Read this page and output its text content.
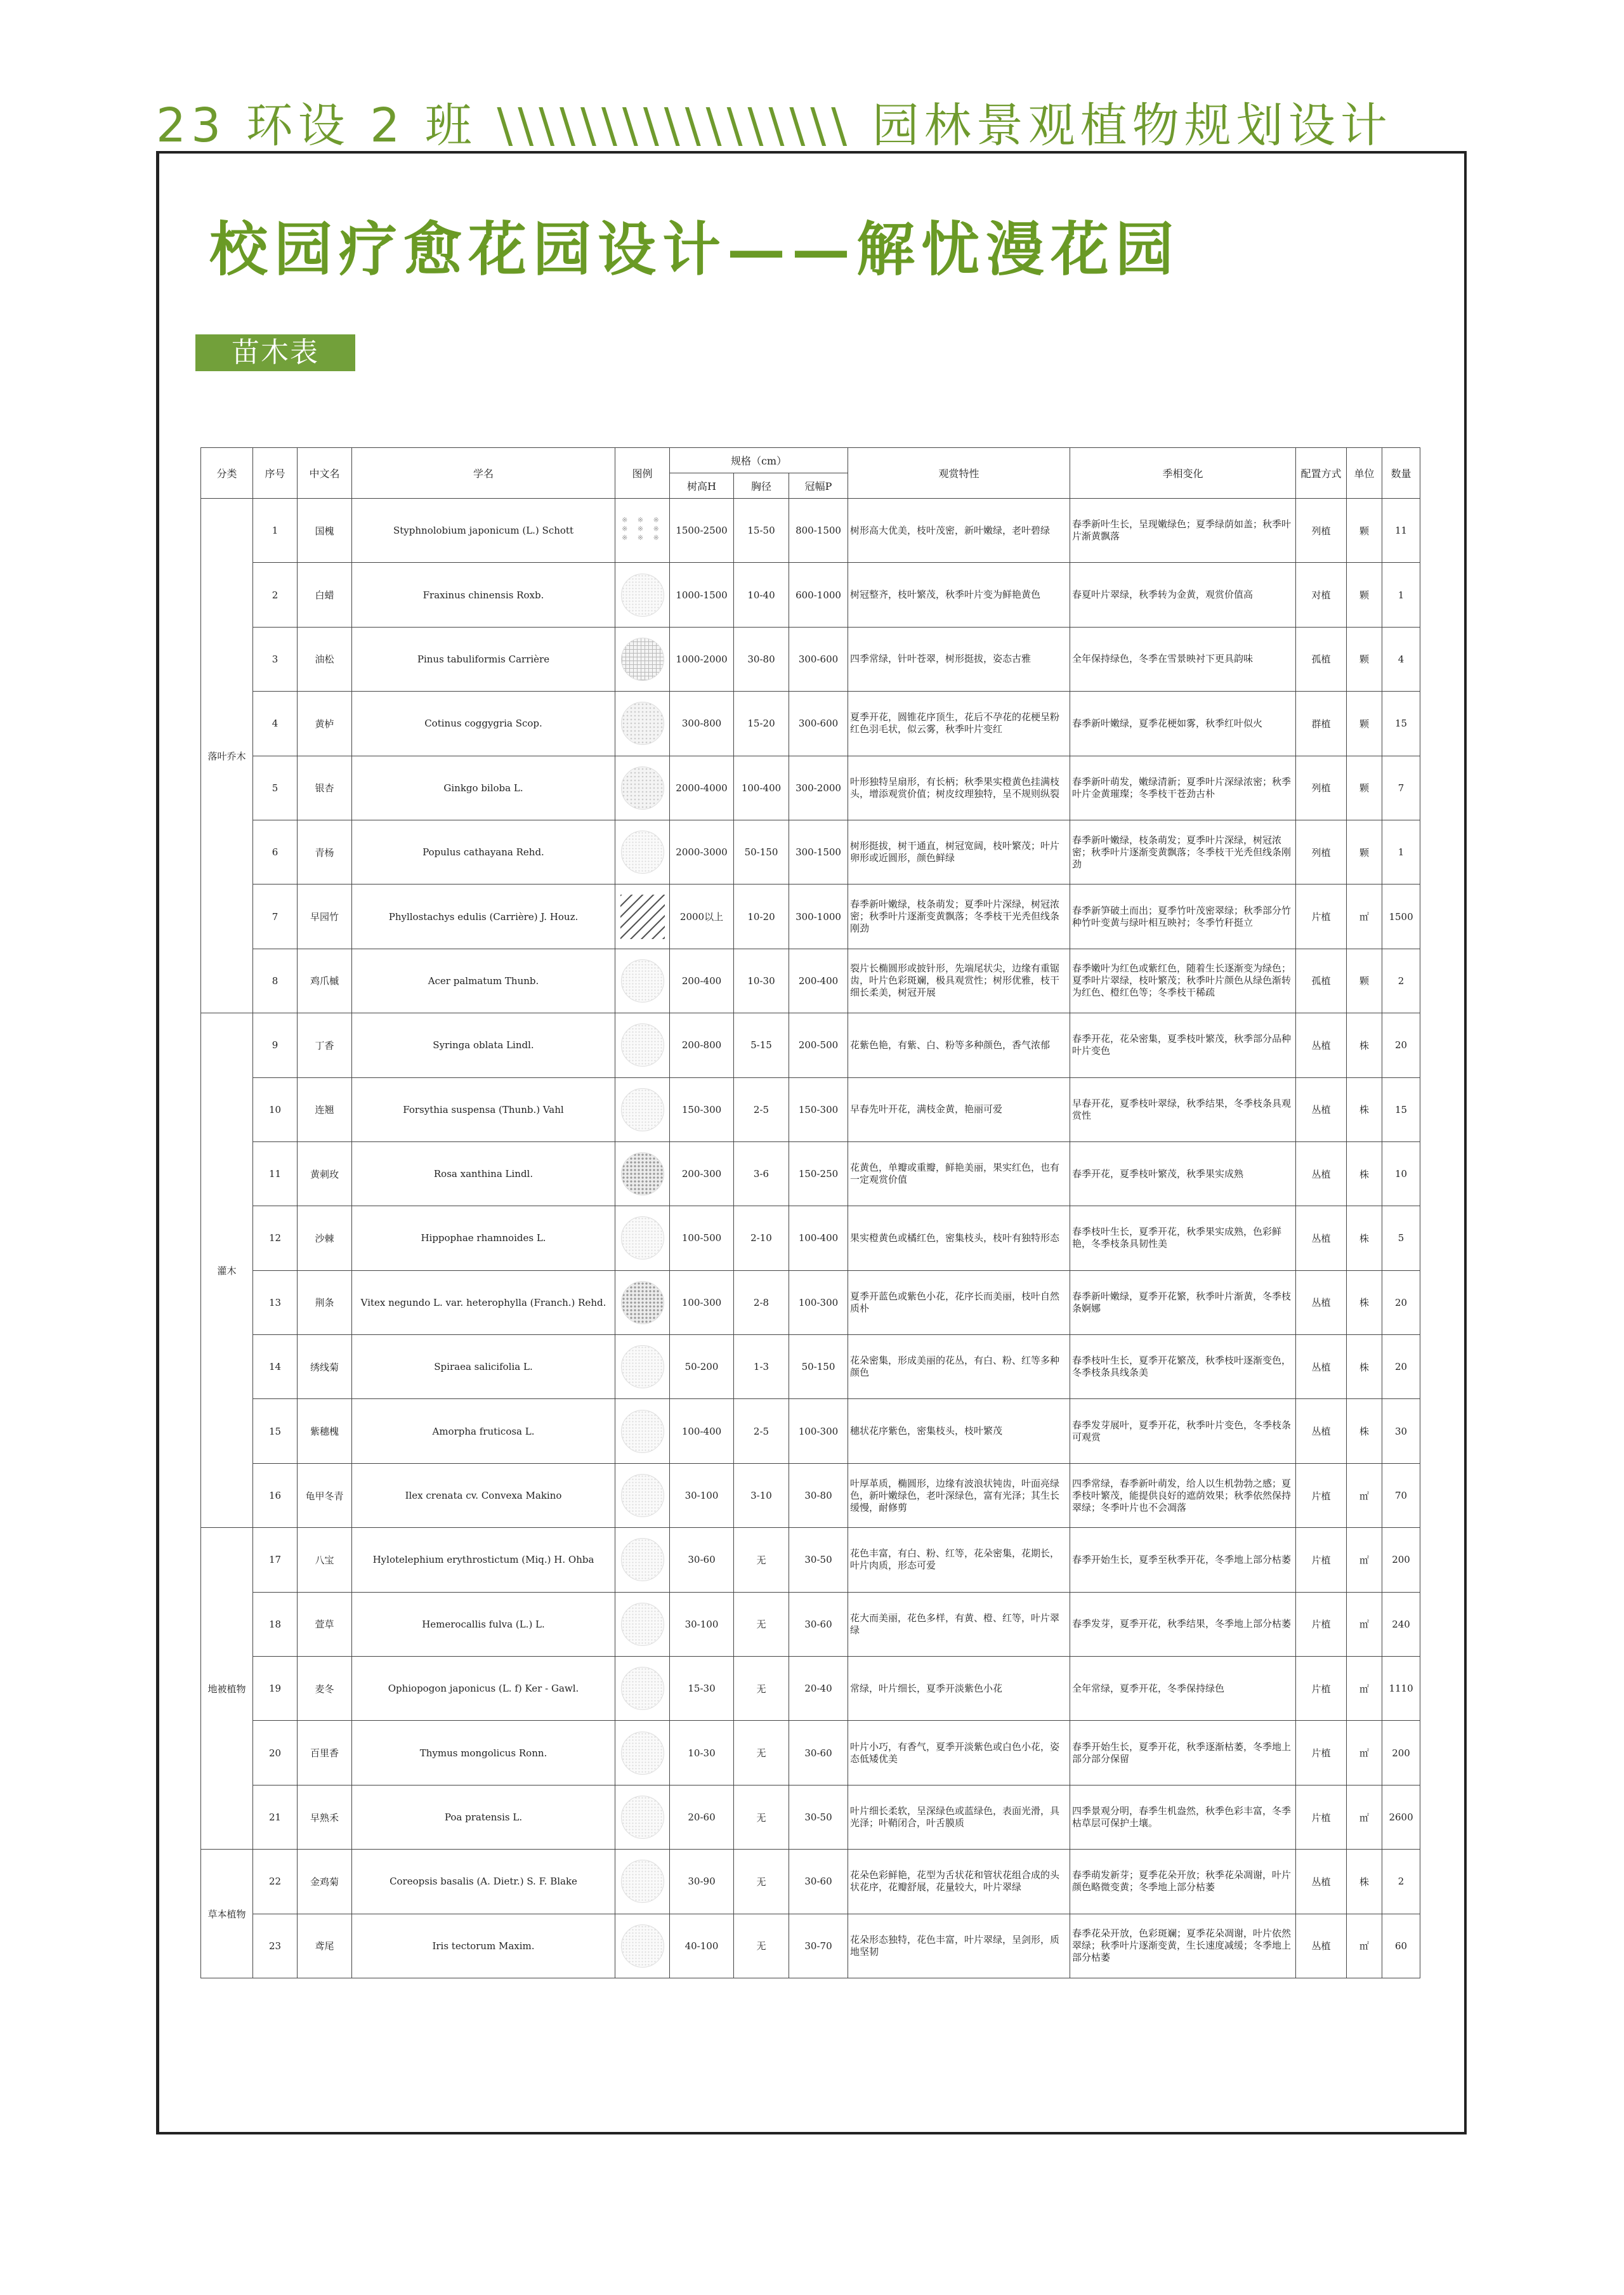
23 环设 2 班 \\\\\\\\\\\\\\\\\ 园林景观植物规划设计
校园疗愈花园设计——解忧漫花园
苗木表
分类	序号	中文名	学名	图例	规格（cm）			观赏特性	季相变化	配置方式	单位	数量
					树高H	胸径	冠幅P					
落叶乔木	1	国槐	Styphnolobium japonicum (L.) Schott	※ ※ ※ ※ ※ ※ ※ ※ ※	1500-2500	15-50	800-1500	树形高大优美，枝叶茂密，新叶嫩绿，老叶碧绿	春季新叶生长，呈现嫩绿色；夏季绿荫如盖；秋季叶片渐黄飘落	列植	颗	11
	2	白蜡	Fraxinus chinensis Roxb.		1000-1500	10-40	600-1000	树冠整齐，枝叶繁茂，秋季叶片变为鲜艳黄色	春夏叶片翠绿，秋季转为金黄，观赏价值高	对植	颗	1
	3	油松	Pinus tabuliformis Carrière		1000-2000	30-80	300-600	四季常绿，针叶苍翠，树形挺拔，姿态古雅	全年保持绿色，冬季在雪景映衬下更具韵味	孤植	颗	4
	4	黄栌	Cotinus coggygria Scop.		300-800	15-20	300-600	夏季开花，圆锥花序顶生，花后不孕花的花梗呈粉红色羽毛状，似云雾，秋季叶片变红	春季新叶嫩绿，夏季花梗如雾，秋季红叶似火	群植	颗	15
	5	银杏	Ginkgo biloba L.		2000-4000	100-400	300-2000	叶形独特呈扇形，有长柄；秋季果实橙黄色挂满枝头，增添观赏价值；树皮纹理独特，呈不规则纵裂	春季新叶萌发，嫩绿清新；夏季叶片深绿浓密；秋季叶片金黄璀璨；冬季枝干苍劲古朴	列植	颗	7
	6	青杨	Populus cathayana Rehd.		2000-3000	50-150	300-1500	树形挺拔，树干通直，树冠宽阔，枝叶繁茂；叶片卵形或近圆形，颜色鲜绿	春季新叶嫩绿，枝条萌发；夏季叶片深绿，树冠浓密；秋季叶片逐渐变黄飘落；冬季枝干光秃但线条刚劲	列植	颗	1
	7	早园竹	Phyllostachys edulis (Carrière) J. Houz.		2000以上	10-20	300-1000	春季新叶嫩绿，枝条萌发；夏季叶片深绿，树冠浓密；秋季叶片逐渐变黄飘落；冬季枝干光秃但线条刚劲	春季新笋破土而出；夏季竹叶茂密翠绿；秋季部分竹种竹叶变黄与绿叶相互映衬；冬季竹秆挺立	片植	㎡	1500
	8	鸡爪槭	Acer palmatum Thunb.		200-400	10-30	200-400	裂片长椭圆形或披针形，先端尾状尖，边缘有重锯齿，叶片色彩斑斓，极具观赏性；树形优雅，枝干细长柔美，树冠开展	春季嫩叶为红色或紫红色，随着生长逐渐变为绿色；夏季叶片翠绿，枝叶繁茂；秋季叶片颜色从绿色渐转为红色、橙红色等；冬季枝干稀疏	孤植	颗	2
灌木	9	丁香	Syringa oblata Lindl.		200-800	5-15	200-500	花紫色艳，有紫、白、粉等多种颜色，香气浓郁	春季开花，花朵密集，夏季枝叶繁茂，秋季部分品种叶片变色	丛植	株	20
	10	连翘	Forsythia suspensa (Thunb.) Vahl		150-300	2-5	150-300	早春先叶开花，满枝金黄，艳丽可爱	早春开花，夏季枝叶翠绿，秋季结果，冬季枝条具观赏性	丛植	株	15
	11	黄刺玫	Rosa xanthina Lindl.		200-300	3-6	150-250	花黄色，单瓣或重瓣，鲜艳美丽，果实红色，也有一定观赏价值	春季开花，夏季枝叶繁茂，秋季果实成熟	丛植	株	10
	12	沙棘	Hippophae rhamnoides L.		100-500	2-10	100-400	果实橙黄色或橘红色，密集枝头，枝叶有独特形态	春季枝叶生长，夏季开花，秋季果实成熟，色彩鲜艳，冬季枝条具韧性美	丛植	株	5
	13	荆条	Vitex negundo L. var. heterophylla (Franch.) Rehd.		100-300	2-8	100-300	夏季开蓝色或紫色小花，花序长而美丽，枝叶自然质朴	春季新叶嫩绿，夏季开花繁，秋季叶片渐黄，冬季枝条婀娜	丛植	株	20
	14	绣线菊	Spiraea salicifolia L.		50-200	1-3	50-150	花朵密集，形成美丽的花丛，有白、粉、红等多种颜色	春季枝叶生长，夏季开花繁茂，秋季枝叶逐渐变色，冬季枝条具线条美	丛植	株	20
	15	紫穗槐	Amorpha fruticosa L.		100-400	2-5	100-300	穗状花序紫色，密集枝头，枝叶繁茂	春季发芽展叶，夏季开花，秋季叶片变色，冬季枝条可观赏	丛植	株	30
	16	龟甲冬青	Ilex crenata cv. Convexa Makino		30-100	3-10	30-80	叶厚革质，椭圆形，边缘有波浪状钝齿，叶面亮绿色，新叶嫩绿色，老叶深绿色，富有光泽；其生长缓慢，耐修剪	四季常绿，春季新叶萌发，给人以生机勃勃之感；夏季枝叶繁茂，能提供良好的遮荫效果；秋季依然保持翠绿；冬季叶片也不会凋落	片植	㎡	70
地被植物	17	八宝	Hylotelephium erythrostictum (Miq.) H. Ohba		30-60	无	30-50	花色丰富，有白、粉、红等，花朵密集，花期长，叶片肉质，形态可爱	春季开始生长，夏季至秋季开花，冬季地上部分枯萎	片植	㎡	200
	18	萱草	Hemerocallis fulva (L.) L.		30-100	无	30-60	花大而美丽，花色多样，有黄、橙、红等，叶片翠绿	春季发芽，夏季开花，秋季结果，冬季地上部分枯萎	片植	㎡	240
	19	麦冬	Ophiopogon japonicus (L. f) Ker - Gawl.		15-30	无	20-40	常绿，叶片细长，夏季开淡紫色小花	全年常绿，夏季开花，冬季保持绿色	片植	㎡	1110
	20	百里香	Thymus mongolicus Ronn.		10-30	无	30-60	叶片小巧，有香气，夏季开淡紫色或白色小花，姿态低矮优美	春季开始生长，夏季开花，秋季逐渐枯萎，冬季地上部分部分保留	片植	㎡	200
	21	早熟禾	Poa pratensis L.		20-60	无	30-50	叶片细长柔软，呈深绿色或蓝绿色，表面光滑，具光泽；叶鞘闭合，叶舌膜质	四季景观分明，春季生机盎然，秋季色彩丰富，冬季枯草层可保护土壤。	片植	㎡	2600
草本植物	22	金鸡菊	Coreopsis basalis (A. Dietr.) S. F. Blake		30-90	无	30-60	花朵色彩鲜艳，花型为舌状花和管状花组合成的头状花序，花瓣舒展，花量较大，叶片翠绿	春季萌发新芽；夏季花朵开放；秋季花朵凋谢，叶片颜色略微变黄；冬季地上部分枯萎	丛植	株	2
	23	鸢尾	Iris tectorum Maxim.		40-100	无	30-70	花朵形态独特，花色丰富，叶片翠绿，呈剑形，质地坚韧	春季花朵开放，色彩斑斓；夏季花朵凋谢，叶片依然翠绿；秋季叶片逐渐变黄，生长速度减缓；冬季地上部分枯萎	丛植	㎡	60
